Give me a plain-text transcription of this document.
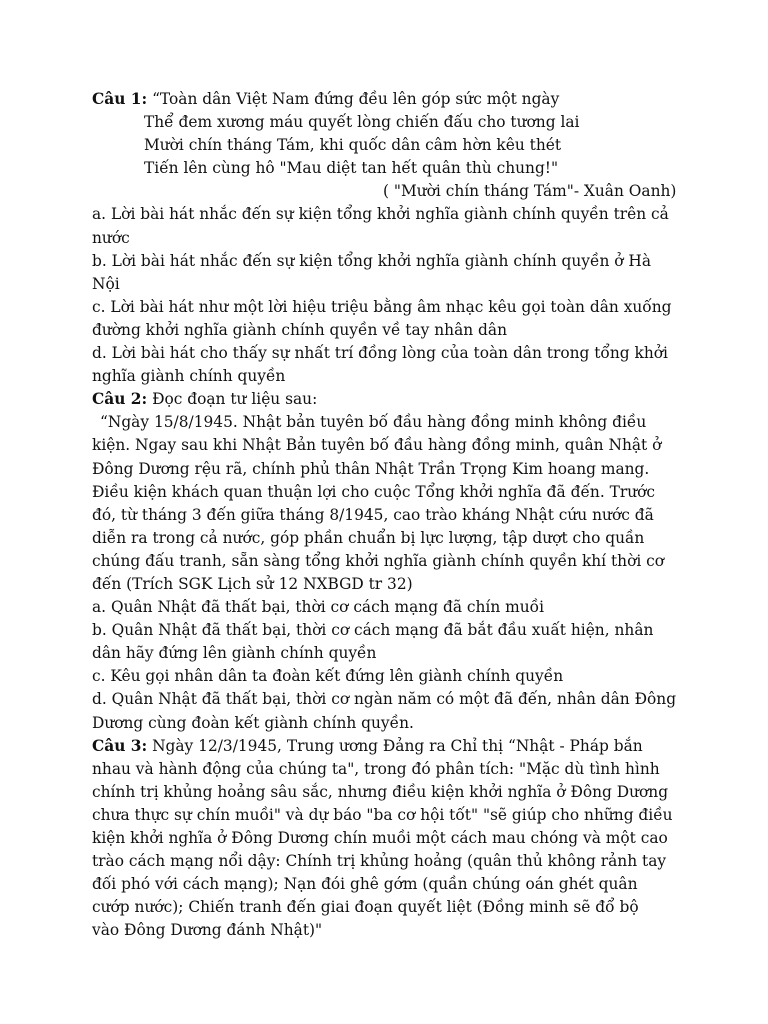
Câu 1: “Toàn dân Việt Nam đứng đều lên góp sức một ngày
Thể đem xương máu quyết lòng chiến đấu cho tương lai
Mười chín tháng Tám, khi quốc dân câm hờn kêu thét
Tiến lên cùng hô "Mau diệt tan hết quân thù chung!"
( "Mười chín tháng Tám"- Xuân Oanh)
a. Lời bài hát nhắc đến sự kiện tổng khởi nghĩa giành chính quyền trên cả
nước
b. Lời bài hát nhắc đến sự kiện tổng khởi nghĩa giành chính quyền ở Hà
Nội
c. Lời bài hát như một lời hiệu triệu bằng âm nhạc kêu gọi toàn dân xuống
đường khởi nghĩa giành chính quyền về tay nhân dân
d. Lời bài hát cho thấy sự nhất trí đồng lòng của toàn dân trong tổng khởi
nghĩa giành chính quyền
Câu 2: Đọc đoạn tư liệu sau:
“Ngày 15/8/1945. Nhật bản tuyên bố đầu hàng đồng minh không điều
kiện. Ngay sau khi Nhật Bản tuyên bố đầu hàng đồng minh, quân Nhật ở
Đông Dương rệu rã, chính phủ thân Nhật Trần Trọng Kim hoang mang.
Điều kiện khách quan thuận lợi cho cuộc Tổng khởi nghĩa đã đến. Trước
đó, từ tháng 3 đến giữa tháng 8/1945, cao trào kháng Nhật cứu nước đã
diễn ra trong cả nước, góp phần chuẩn bị lực lượng, tập dượt cho quần
chúng đấu tranh, sẵn sàng tổng khởi nghĩa giành chính quyền khí thời cơ
đến (Trích SGK Lịch sử 12 NXBGD tr 32)
a. Quân Nhật đã thất bại, thời cơ cách mạng đã chín muồi
b. Quân Nhật đã thất bại, thời cơ cách mạng đã bắt đầu xuất hiện, nhân
dân hãy đứng lên giành chính quyền
c. Kêu gọi nhân dân ta đoàn kết đứng lên giành chính quyền
d. Quân Nhật đã thất bại, thời cơ ngàn năm có một đã đến, nhân dân Đông
Dương cùng đoàn kết giành chính quyền.
Câu 3: Ngày 12/3/1945, Trung ương Đảng ra Chỉ thị “Nhật - Pháp bắn
nhau và hành động của chúng ta", trong đó phân tích: "Mặc dù tình hình
chính trị khủng hoảng sâu sắc, nhưng điều kiện khởi nghĩa ở Đông Dương
chưa thực sự chín muồi" và dự báo "ba cơ hội tốt" "sẽ giúp cho những điều
kiện khởi nghĩa ở Đông Dương chín muồi một cách mau chóng và một cao
trào cách mạng nổi dậy: Chính trị khủng hoảng (quân thủ không rảnh tay
đối phó với cách mạng); Nạn đói ghê gớm (quần chúng oán ghét quân
cướp nước); Chiến tranh đến giai đoạn quyết liệt (Đồng minh sẽ đổ bộ
vào Đông Dương đánh Nhật)"
